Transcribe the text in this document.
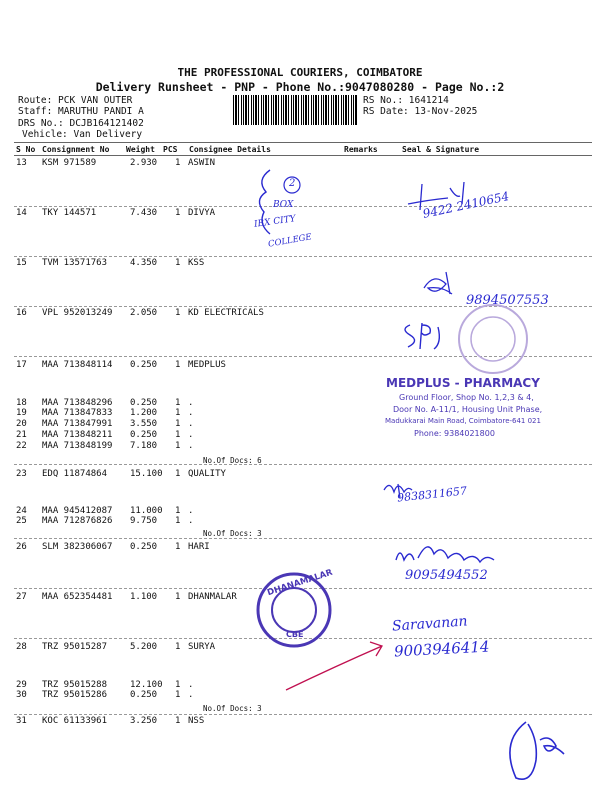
THE PROFESSIONAL COURIERS, COIMBATORE
Delivery Runsheet - PNP - Phone No.:9047080280 - Page No.:2
Route: PCK VAN OUTER
Staff: MARUTHU PANDI A
DRS No.: DCJB164121402
Vehicle: Van Delivery
RS No.: 1641214
RS Date: 13-Nov-2025
S No Consignment No Weight PCS Consignee Details	Remarks	Seal & Signature
13 KSM 971589	2.930 1 ASWIN
14 TKY 144571	7.430 1 DIVYA
15 TVM 13571763	4.350 1 KSS
16 VPL 952013249 2.050 1 KD ELECTRICALS
17 MAA 713848114 0.250 1 MEDPLUS
18 MAA 713848296 0.250 1 .
19 MAA 713847833 1.200 1 .
20 MAA 713847991 3.550 1 .
21 MAA 713848211 0.250 1 .
22 MAA 713848199 7.180 1 .
23 EDQ 11874864	15.100 1 QUALITY
24 MAA 945412087 11.000 1 .
25 MAA 712876826 9.750 1 .
26 SLM 382306067 0.250 1 HARI
27 MAA 652354481 1.100 1 DHANMALAR
28 TRZ 95015287	5.200 1 SURYA
29 TRZ 95015288	12.100 1 .
30 TRZ 95015286	0.250 1 .
31 KOC 61133961	3.250 1 NSS
No.Of Docs: 6
No.Of Docs: 3
No.Of Docs: 3
2
BOX
IBX CITY
COLLEGE
9422 2410654
9894507553
MEDPLUS - PHARMACY
Ground Floor, Shop No. 1,2,3 & 4,
Door No. A-11/1, Housing Unit Phase,
Madukkarai Main Road, Coimbatore-641 021
Phone: 9384021800
9838311657
9095494552
DHANAMALAR
CBE	Saravanan
9003946414
